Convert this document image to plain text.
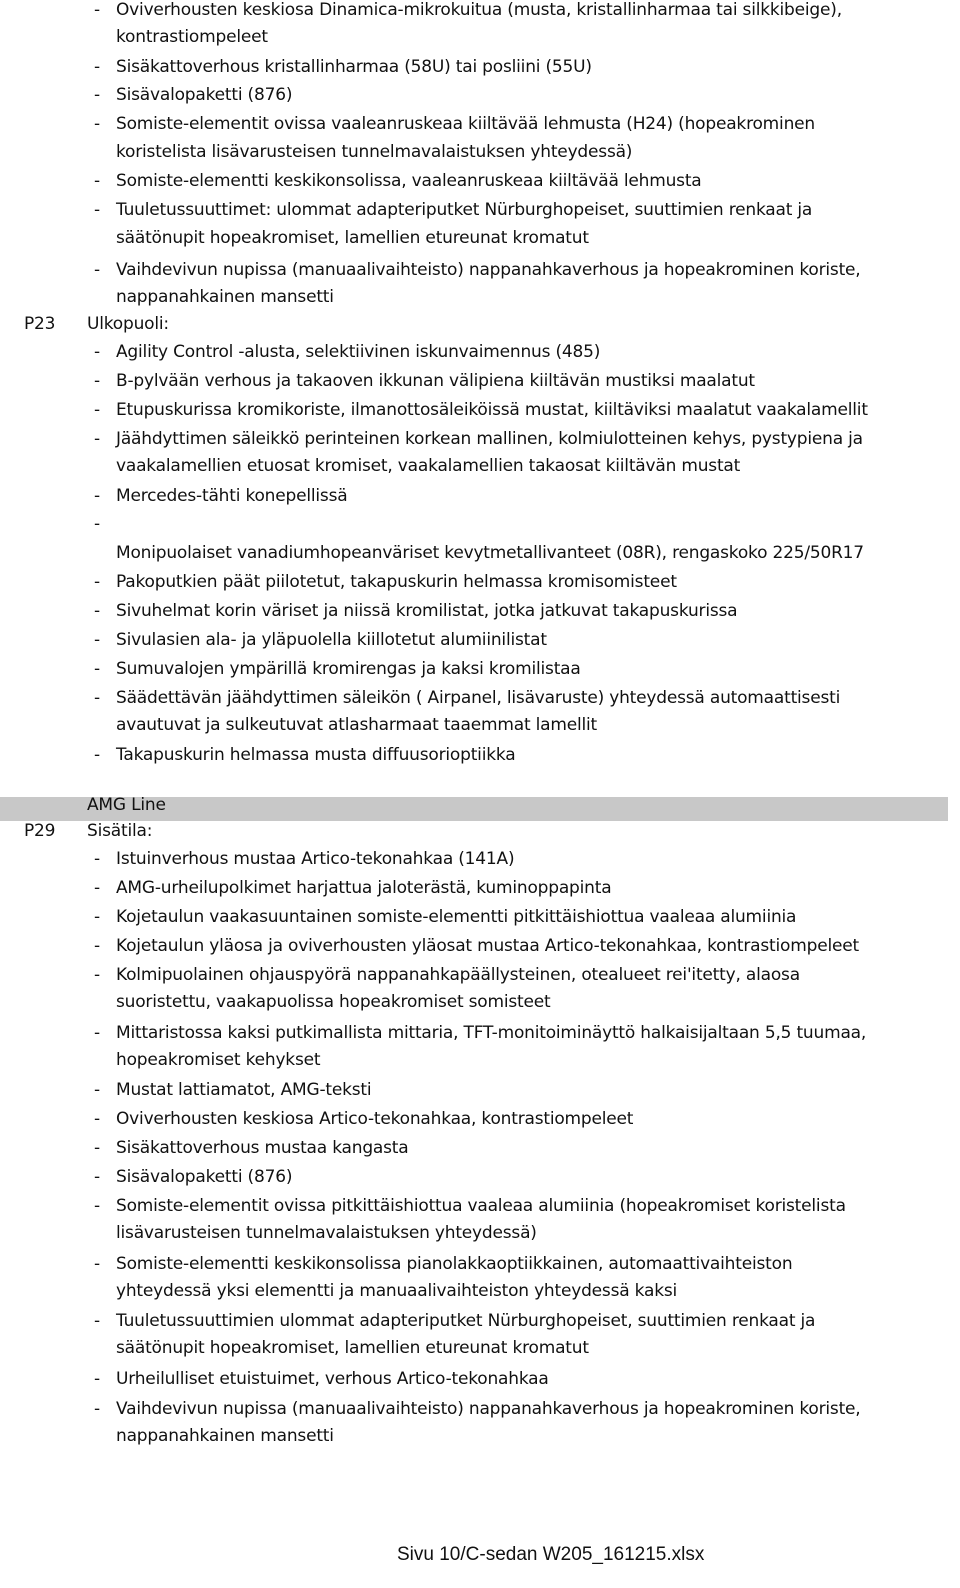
- Oviverhousten keskiosa Dinamica-mikrokuitua (musta, kristallinharmaa tai silkkibeige),
kontrastiompeleet
- Sisäkattoverhous kristallinharmaa (58U) tai posliini (55U)
- Sisävalopaketti (876)
- Somiste-elementit ovissa vaaleanruskeaa kiiltävää lehmusta (H24) (hopeakrominen
koristelista lisävarusteisen tunnelmavalaistuksen yhteydessä)
- Somiste-elementti keskikonsolissa, vaaleanruskeaa kiiltävää lehmusta
- Tuuletussuuttimet: ulommat adapteriputket Nürburghopeiset, suuttimien renkaat ja
säätönupit hopeakromiset, lamellien etureunat kromatut
- Vaihdevivun nupissa (manuaalivaihteisto) nappanahkaverhous ja hopeakrominen koriste,
nappanahkainen mansetti
P23 Ulkopuoli:
- Agility Control -alusta, selektiivinen iskunvaimennus (485)
- B-pylvään verhous ja takaoven ikkunan välipiena kiiltävän mustiksi maalatut
- Etupuskurissa kromikoriste, ilmanottosäleiköissä mustat, kiiltäviksi maalatut vaakalamellit
- Jäähdyttimen säleikkö perinteinen korkean mallinen, kolmiulotteinen kehys, pystypiena ja
vaakalamellien etuosat kromiset, vaakalamellien takaosat kiiltävän mustat
- Mercedes-tähti konepellissä
-
Monipuolaiset vanadiumhopeanväriset kevytmetallivanteet (08R), rengaskoko 225/50R17
- Pakoputkien päät piilotetut, takapuskurin helmassa kromisomisteet
- Sivuhelmat korin väriset ja niissä kromilistat, jotka jatkuvat takapuskurissa
- Sivulasien ala- ja yläpuolella kiillotetut alumiinilistat
- Sumuvalojen ympärillä kromirengas ja kaksi kromilistaa
- Säädettävän jäähdyttimen säleikön ( Airpanel, lisävaruste) yhteydessä automaattisesti
avautuvat ja sulkeutuvat atlasharmaat taaemmat lamellit
- Takapuskurin helmassa musta diffuusorioptiikka
AMG Line
P29 Sisätila:
- Istuinverhous mustaa Artico-tekonahkaa (141A)
- AMG-urheilupolkimet harjattua jaloterästä, kuminoppapinta
- Kojetaulun vaakasuuntainen somiste-elementti pitkittäishiottua vaaleaa alumiinia
- Kojetaulun yläosa ja oviverhousten yläosat mustaa Artico-tekonahkaa, kontrastiompeleet
- Kolmipuolainen ohjauspyörä nappanahkapäällysteinen, otealueet rei'itetty, alaosa
suoristettu, vaakapuolissa hopeakromiset somisteet
- Mittaristossa kaksi putkimallista mittaria, TFT-monitoiminäyttö halkaisijaltaan 5,5 tuumaa,
hopeakromiset kehykset
- Mustat lattiamatot, AMG-teksti
- Oviverhousten keskiosa Artico-tekonahkaa, kontrastiompeleet
- Sisäkattoverhous mustaa kangasta
- Sisävalopaketti (876)
- Somiste-elementit ovissa pitkittäishiottua vaaleaa alumiinia (hopeakromiset koristelista
lisävarusteisen tunnelmavalaistuksen yhteydessä)
- Somiste-elementti keskikonsolissa pianolakkaoptiikkainen, automaattivaihteiston
yhteydessä yksi elementti ja manuaalivaihteiston yhteydessä kaksi
- Tuuletussuuttimien ulommat adapteriputket Nürburghopeiset, suuttimien renkaat ja
säätönupit hopeakromiset, lamellien etureunat kromatut
- Urheilulliset etuistuimet, verhous Artico-tekonahkaa
- Vaihdevivun nupissa (manuaalivaihteisto) nappanahkaverhous ja hopeakrominen koriste,
nappanahkainen mansetti
Sivu 10/C-sedan W205_161215.xlsx
